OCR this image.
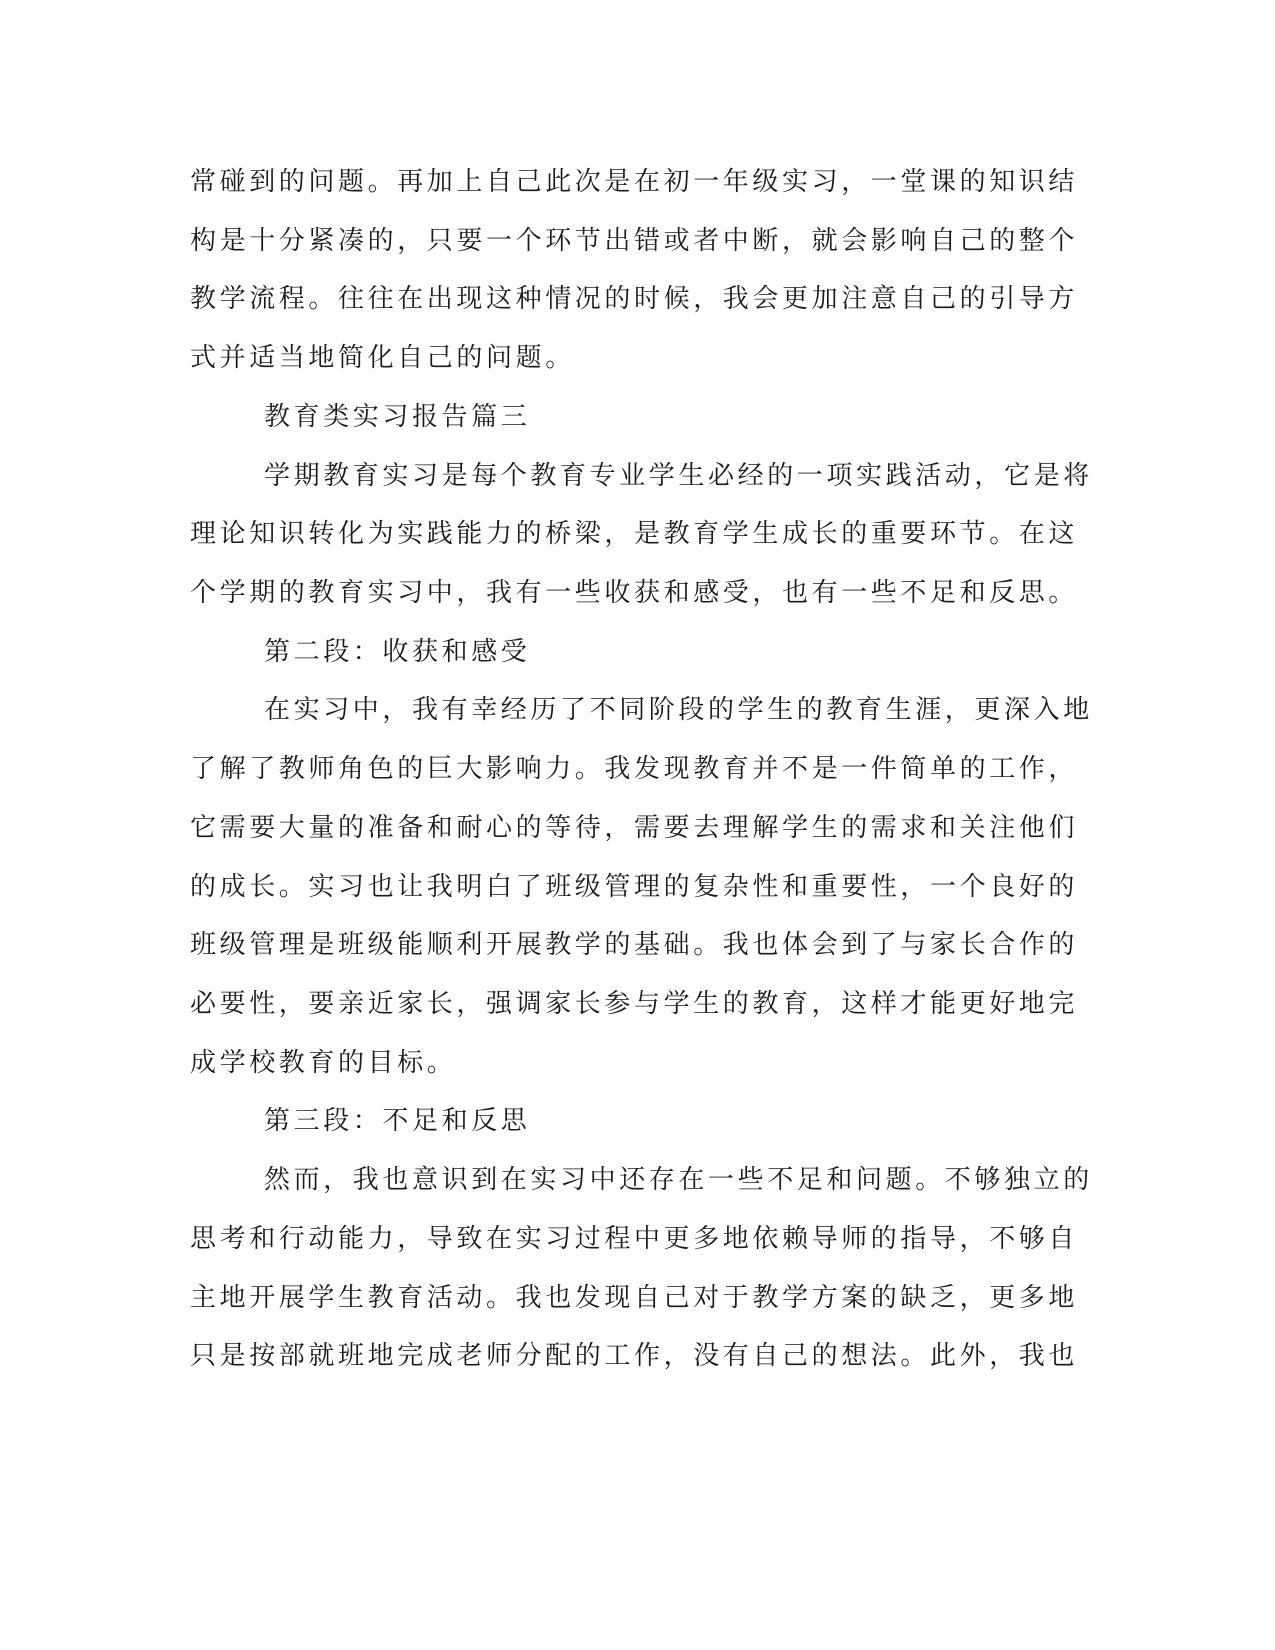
常碰到的问题。再加上自己此次是在初一年级实习，一堂课的知识结
构是十分紧凑的，只要一个环节出错或者中断，就会影响自己的整个
教学流程。往往在出现这种情况的时候，我会更加注意自己的引导方
式并适当地简化自己的问题。
教育类实习报告篇三
学期教育实习是每个教育专业学生必经的一项实践活动，它是将
理论知识转化为实践能力的桥梁，是教育学生成长的重要环节。在这
个学期的教育实习中，我有一些收获和感受，也有一些不足和反思。
第二段：收获和感受
在实习中，我有幸经历了不同阶段的学生的教育生涯，更深入地
了解了教师角色的巨大影响力。我发现教育并不是一件简单的工作，
它需要大量的准备和耐心的等待，需要去理解学生的需求和关注他们
的成长。实习也让我明白了班级管理的复杂性和重要性，一个良好的
班级管理是班级能顺利开展教学的基础。我也体会到了与家长合作的
必要性，要亲近家长，强调家长参与学生的教育，这样才能更好地完
成学校教育的目标。
第三段：不足和反思
然而，我也意识到在实习中还存在一些不足和问题。不够独立的
思考和行动能力，导致在实习过程中更多地依赖导师的指导，不够自
主地开展学生教育活动。我也发现自己对于教学方案的缺乏，更多地
只是按部就班地完成老师分配的工作，没有自己的想法。此外，我也
